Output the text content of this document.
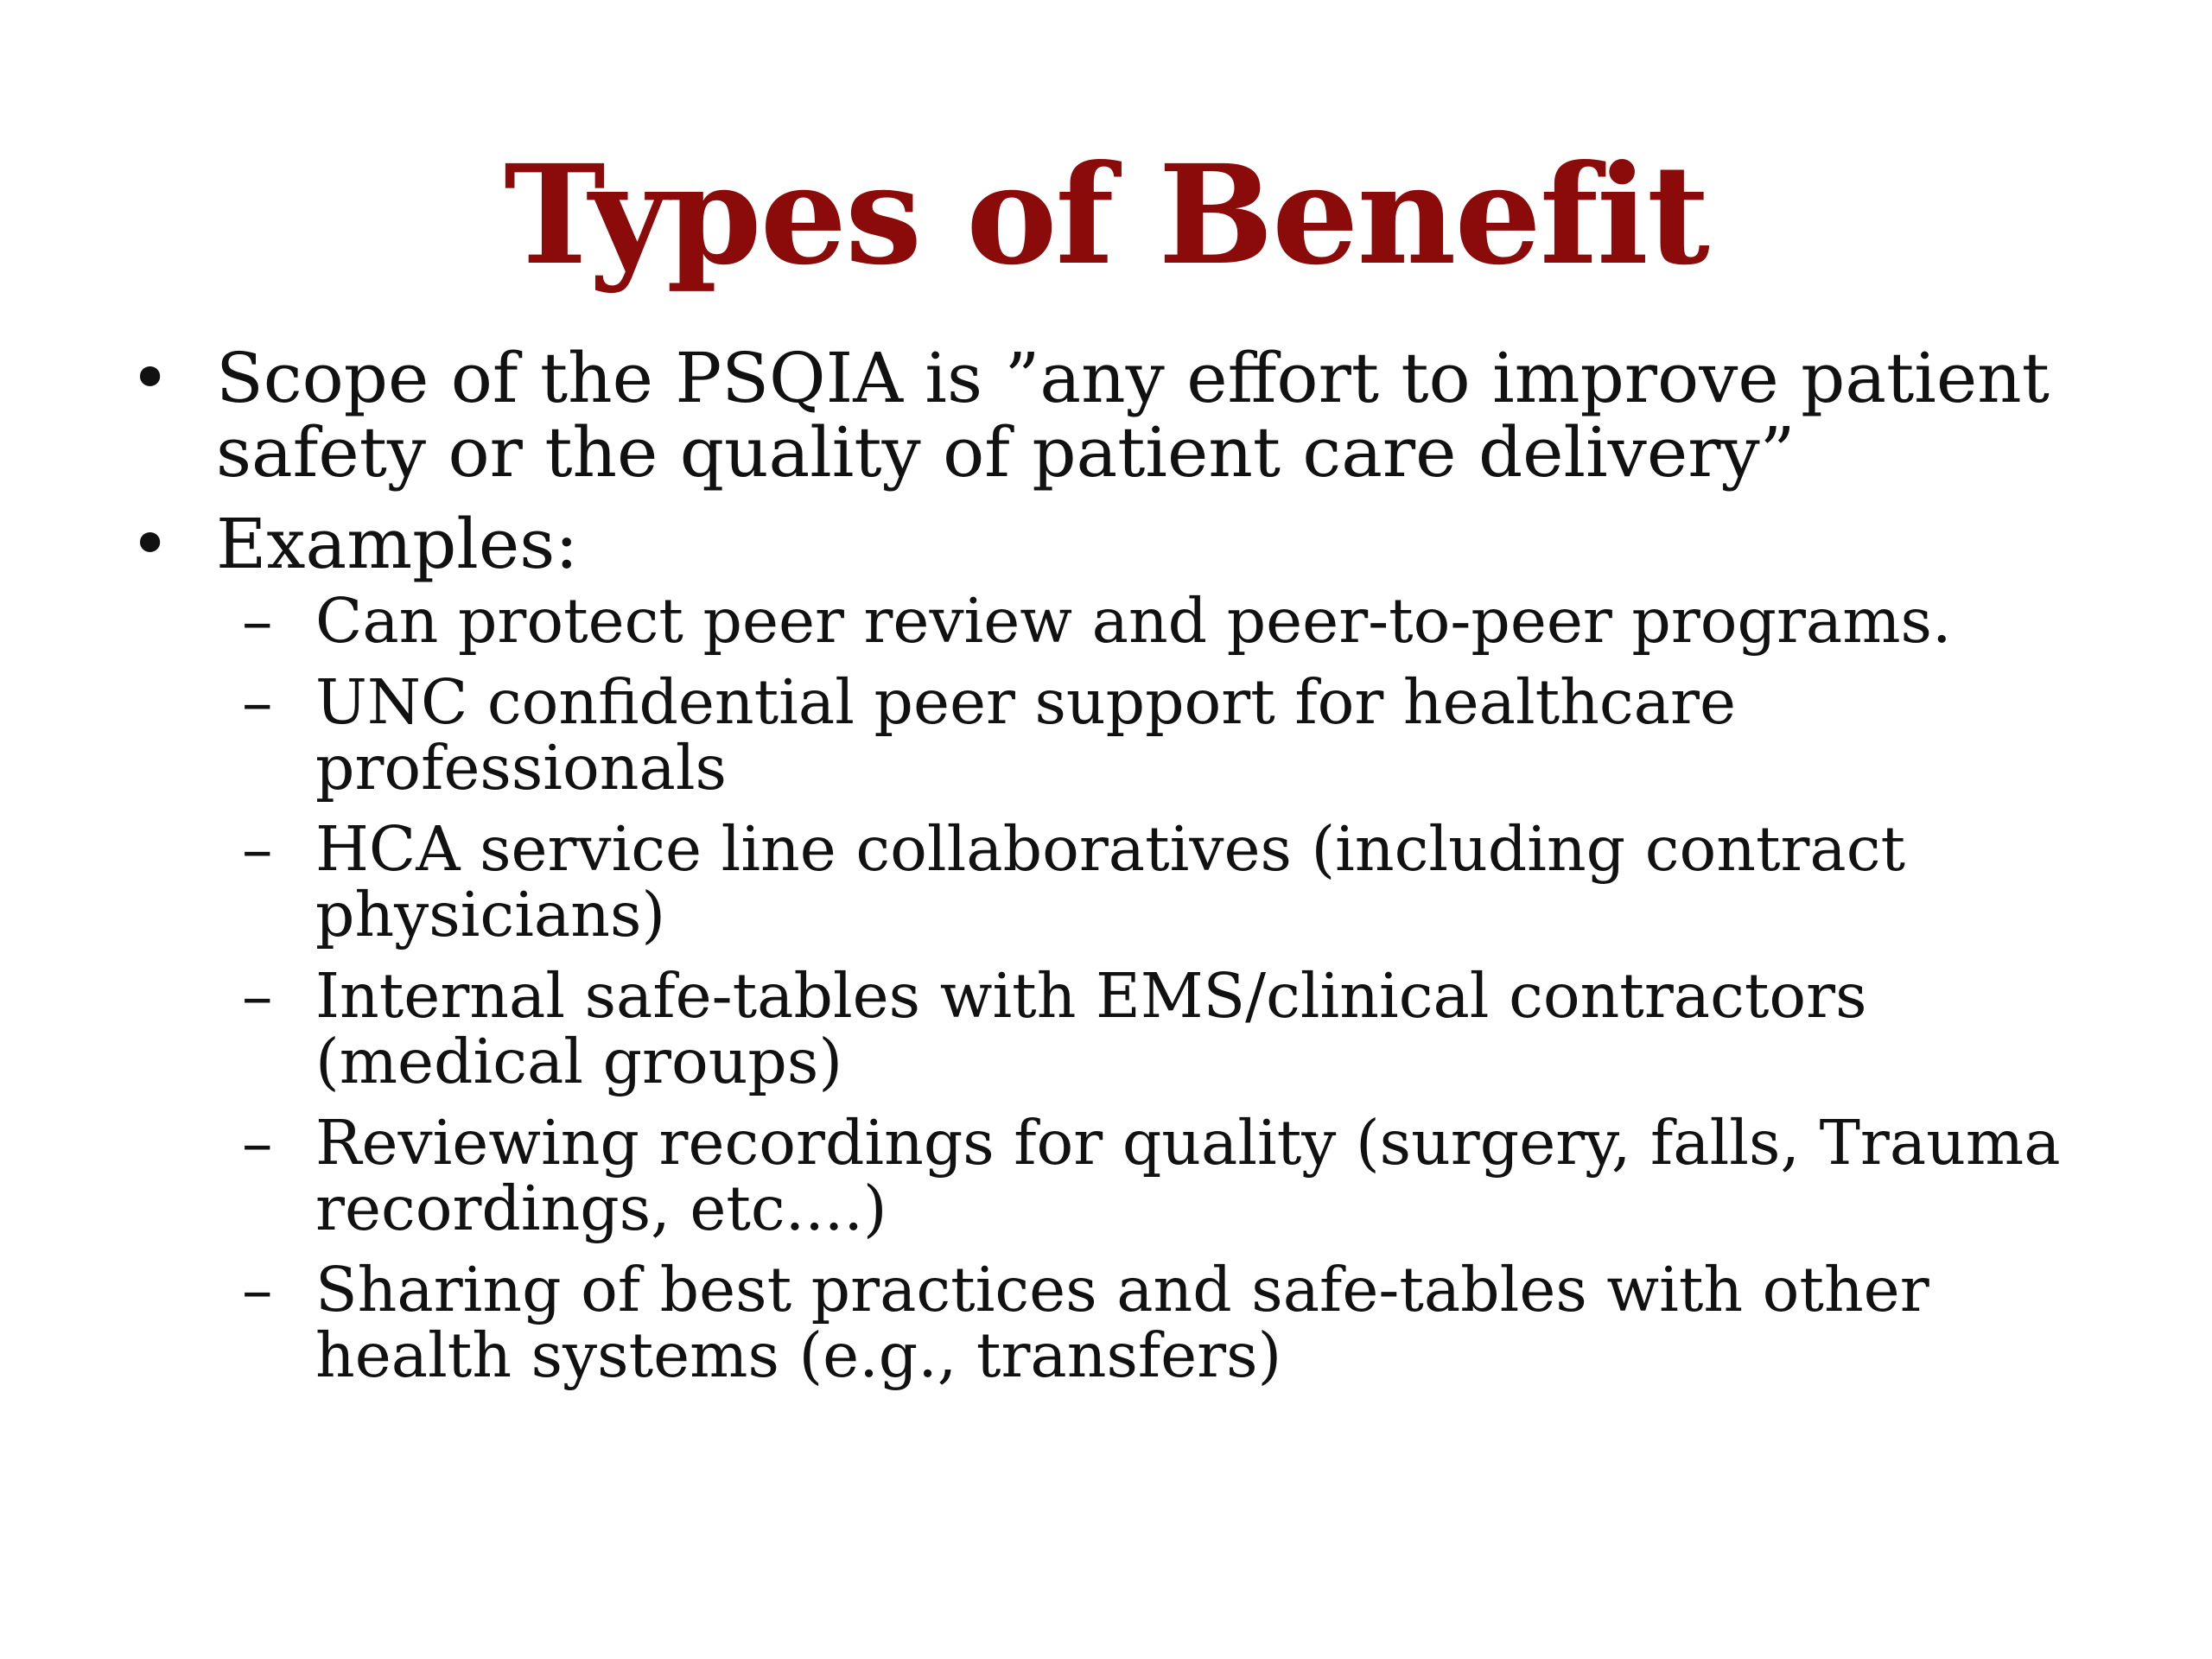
Types of Benefit
• Scope of the PSQIA is ”any effort to improve patient safety or the quality of patient care delivery”
• Examples:
– Can protect peer review and peer-to-peer programs.
– UNC confidential peer support for healthcare professionals
– HCA service line collaboratives (including contract physicians)
– Internal safe-tables with EMS/clinical contractors (medical groups)
– Reviewing recordings for quality (surgery, falls, Trauma recordings, etc....)
– Sharing of best practices and safe-tables with other health systems (e.g., transfers)
